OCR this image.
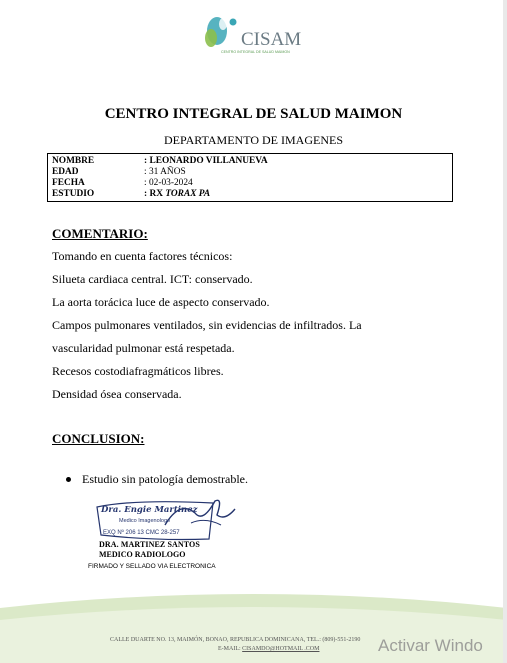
CISAM
CENTRO INTEGRAL DE SALUD MAIMON
CENTRO INTEGRAL DE SALUD MAIMON
DEPARTAMENTO DE IMAGENES
NOMBRE	: LEONARDO VILLANUEVA
EDAD	: 31 AÑOS
FECHA	: 02-03-2024
ESTUDIO	: RX TORAX PA
COMENTARIO:
Tomando en cuenta factores técnicos:
Silueta cardiaca central. ICT: conservado.
La aorta torácica luce de aspecto conservado.
Campos pulmonares ventilados, sin evidencias de infiltrados. La
vascularidad pulmonar está respetada.
Recesos costodiafragmáticos libres.
Densidad ósea conservada.
CONCLUSION:
Estudio sin patología demostrable.
Dra. Engie Martinez
Medico Imagenologo
EXQ Nº 206 13 CMC 28-257
DRA. MARTINEZ SANTOS
MEDICO RADIOLOGO
FIRMADO Y SELLADO VIA ELECTRONICA
CALLE DUARTE NO. 13, MAIMÓN, BONAO, REPUBLICA DOMINICANA, TEL.: (809)-551-2190
E-MAIL: CISAMDO@HOTMAIL .COM	Activar Windo
